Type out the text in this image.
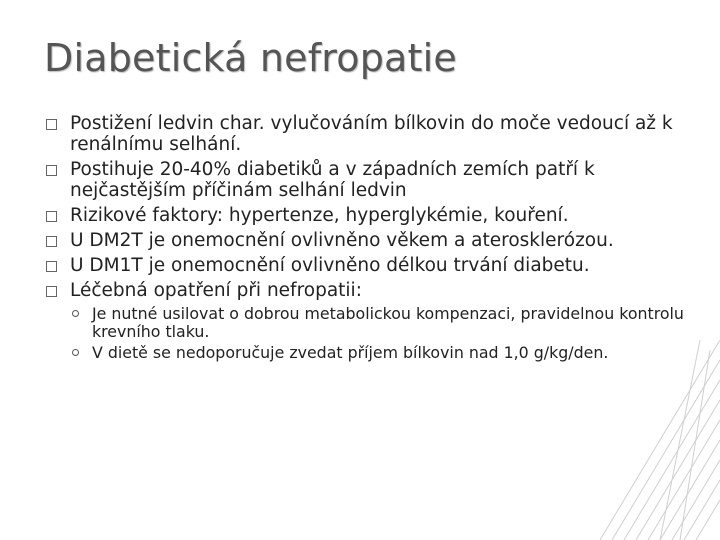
Diabetická nefropatie
Postižení ledvin char. vylučováním bílkovin do moče vedoucí až k renálnímu selhání.
Postihuje 20-40% diabetiků a v západních zemích patří k nejčastějším příčinám selhání ledvin
Rizikové faktory: hypertenze, hyperglykémie, kouření.
U DM2T je onemocnění ovlivněno věkem a aterosklerózou.
U DM1T je onemocnění ovlivněno délkou trvání diabetu.
Léčebná opatření při nefropatii:
Je nutné usilovat o dobrou metabolickou kompenzaci, pravidelnou kontrolu krevního tlaku.
V dietě se nedoporučuje zvedat příjem bílkovin nad 1,0 g/kg/den.
